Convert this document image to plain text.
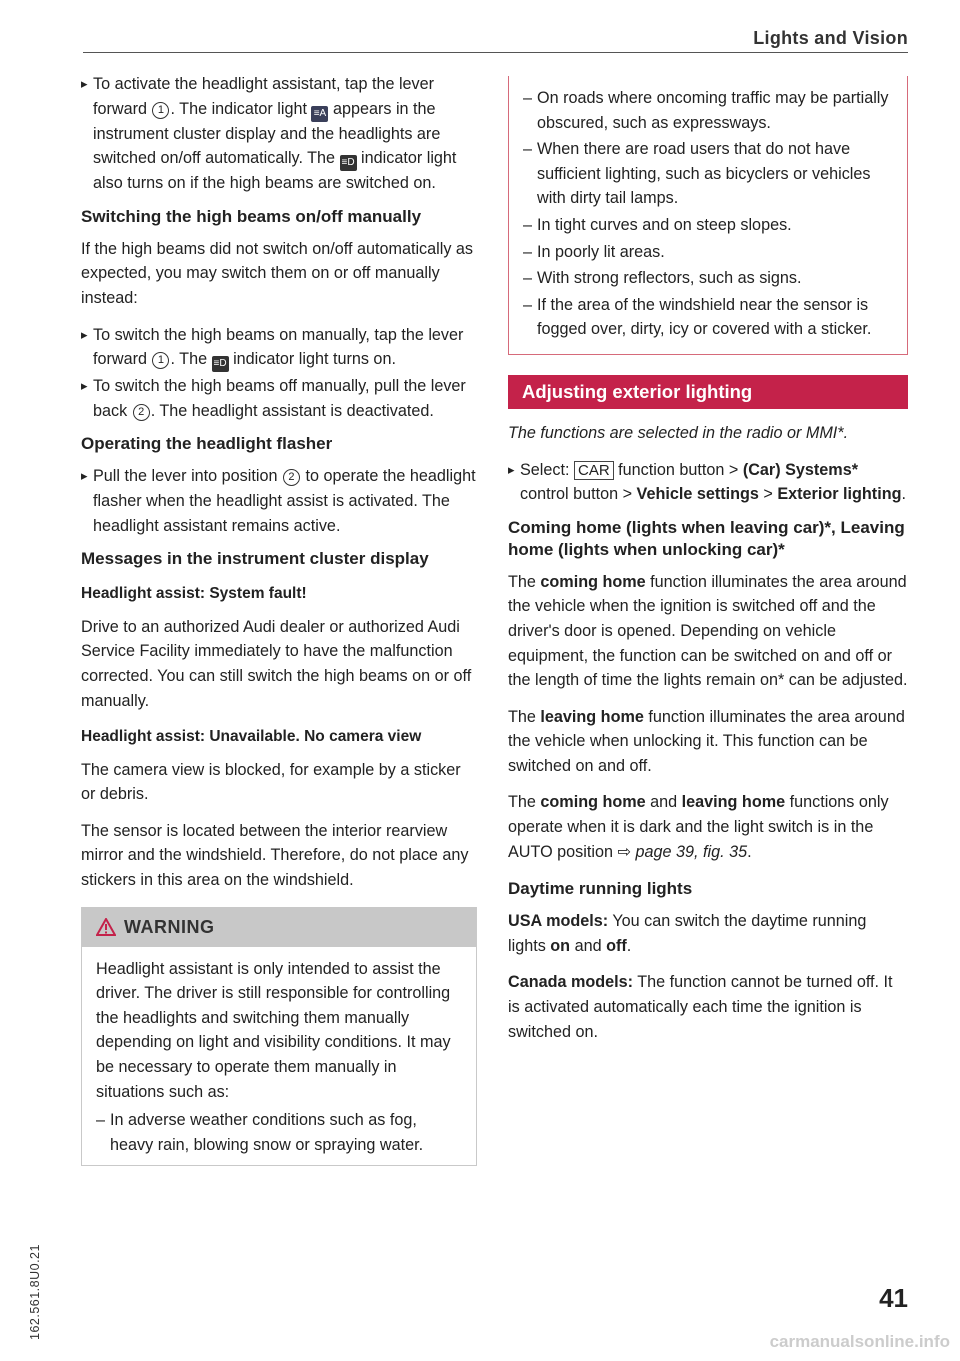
Lights and Vision
▸ To activate the headlight assistant, tap the lever forward 1 . The indicator light ≡A appears in the instrument cluster display and the headlights are switched on/off automatically. The ≡D indicator light also turns on if the high beams are switched on.
Switching the high beams on/off manually

If the high beams did not switch on/off automatically as expected, you may switch them on or off manually instead:

▸ To switch the high beams on manually, tap the lever forward 1 . The ≡D indicator light turns on.
▸ To switch the high beams off manually, pull the lever back 2 . The headlight assistant is deactivated.
Operating the headlight flasher
▸ Pull the lever into position 2 to operate the headlight flasher when the headlight assist is activated. The headlight assistant remains active.
Messages in the instrument cluster display
Headlight assist: System fault!

Drive to an authorized Audi dealer or authorized Audi Service Facility immediately to have the malfunction corrected. You can still switch the high beams on or off manually.

Headlight assist: Unavailable. No camera view

The camera view is blocked, for example by a sticker or debris.

The sensor is located between the interior rearview mirror and the windshield. Therefore, do not place any stickers in this area on the windshield.

WARNING

Headlight assistant is only intended to assist the driver. The driver is still responsible for controlling the headlights and switching them manually depending on light and visibility conditions. It may be necessary to operate them manually in situations such as:

– In adverse weather conditions such as fog, heavy rain, blowing snow or spraying water.
– On roads where oncoming traffic may be partially obscured, such as expressways.
– When there are road users that do not have sufficient lighting, such as bicyclers or vehicles with dirty tail lamps.
– In tight curves and on steep slopes.
– In poorly lit areas.
– With strong reflectors, such as signs.
– If the area of the windshield near the sensor is fogged over, dirty, icy or covered with a sticker.
Adjusting exterior lighting

The functions are selected in the radio or MMI*.

▸ Select: CAR function button > (Car) Systems* control button > Vehicle settings > Exterior lighting.
Coming home (lights when leaving car)*, Leaving home (lights when unlocking car)*

The coming home function illuminates the area around the vehicle when the ignition is switched off and the driver's door is opened. Depending on vehicle equipment, the function can be switched on and off or the length of time the lights remain on* can be adjusted.

The leaving home function illuminates the area around the vehicle when unlocking it. This function can be switched on and off.

The coming home and leaving home functions only operate when it is dark and the light switch is in the AUTO position ⇨ page 39, fig. 35.

Daytime running lights

USA models: You can switch the daytime running lights on and off.

Canada models: The function cannot be turned off. It is activated automatically each time the ignition is switched on.

162.561.8U0.21	41
carmanualsonline.info
